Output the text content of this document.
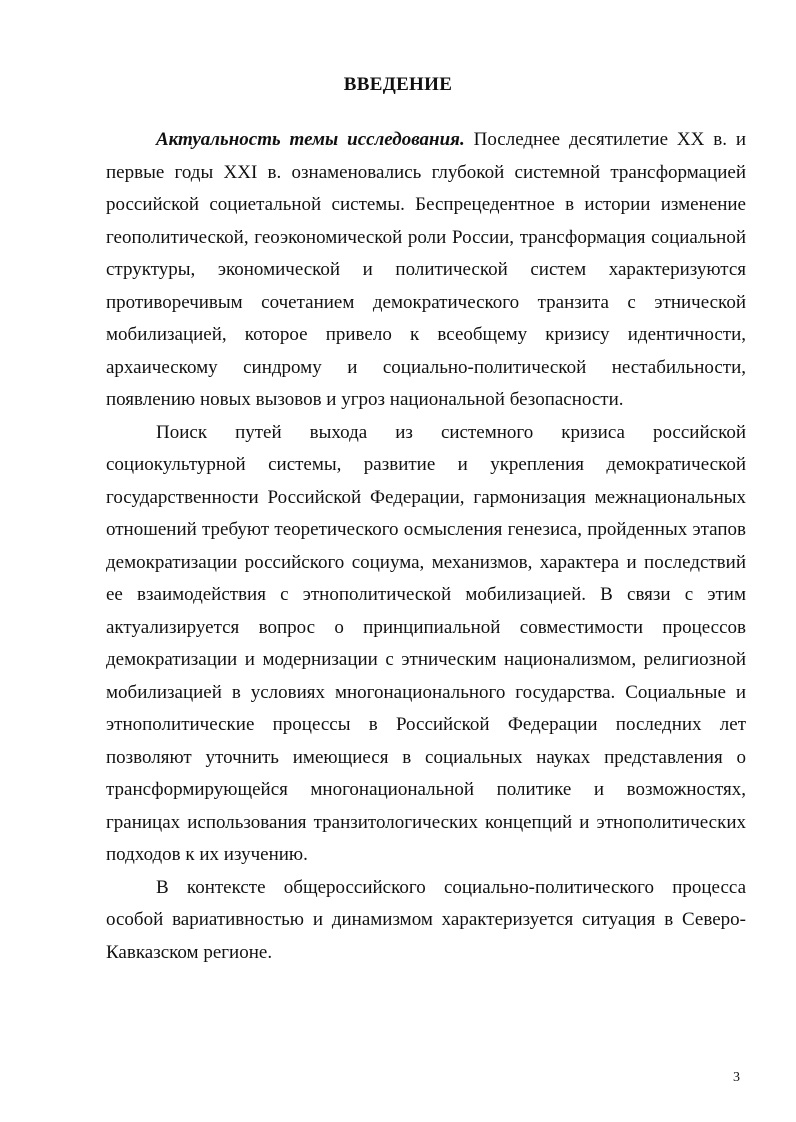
ВВЕДЕНИЕ

Актуальность темы исследования. Последнее десятилетие XX в. и первые годы XXI в. ознаменовались глубокой системной трансформацией российской социетальной системы. Беспрецедентное в истории изменение геополитической, геоэкономической роли России, трансформация социальной структуры, экономической и политической систем характеризуются противоречивым сочетанием демократического транзита с этнической мобилизацией, которое привело к всеобщему кризису идентичности, архаическому синдрому и социально-политической нестабильности, появлению новых вызовов и угроз национальной безопасности.

Поиск путей выхода из системного кризиса российской социокультурной системы, развитие и укрепления демократической государственности Российской Федерации, гармонизация межнациональных отношений требуют теоретического осмысления генезиса, пройденных этапов демократизации российского социума, механизмов, характера и последствий ее взаимодействия с этнополитической мобилизацией. В связи с этим актуализируется вопрос о принципиальной совместимости процессов демократизации и модернизации с этническим национализмом, религиозной мобилизацией в условиях многонационального государства. Социальные и этнополитические процессы в Российской Федерации последних лет позволяют уточнить имеющиеся в социальных науках представления о трансформирующейся многонациональной политике и возможностях, границах использования транзитологических концепций и этнополитических подходов к их изучению.

В контексте общероссийского социально-политического процесса особой вариативностью и динамизмом характеризуется ситуация в Северо-Кавказском регионе.

3
